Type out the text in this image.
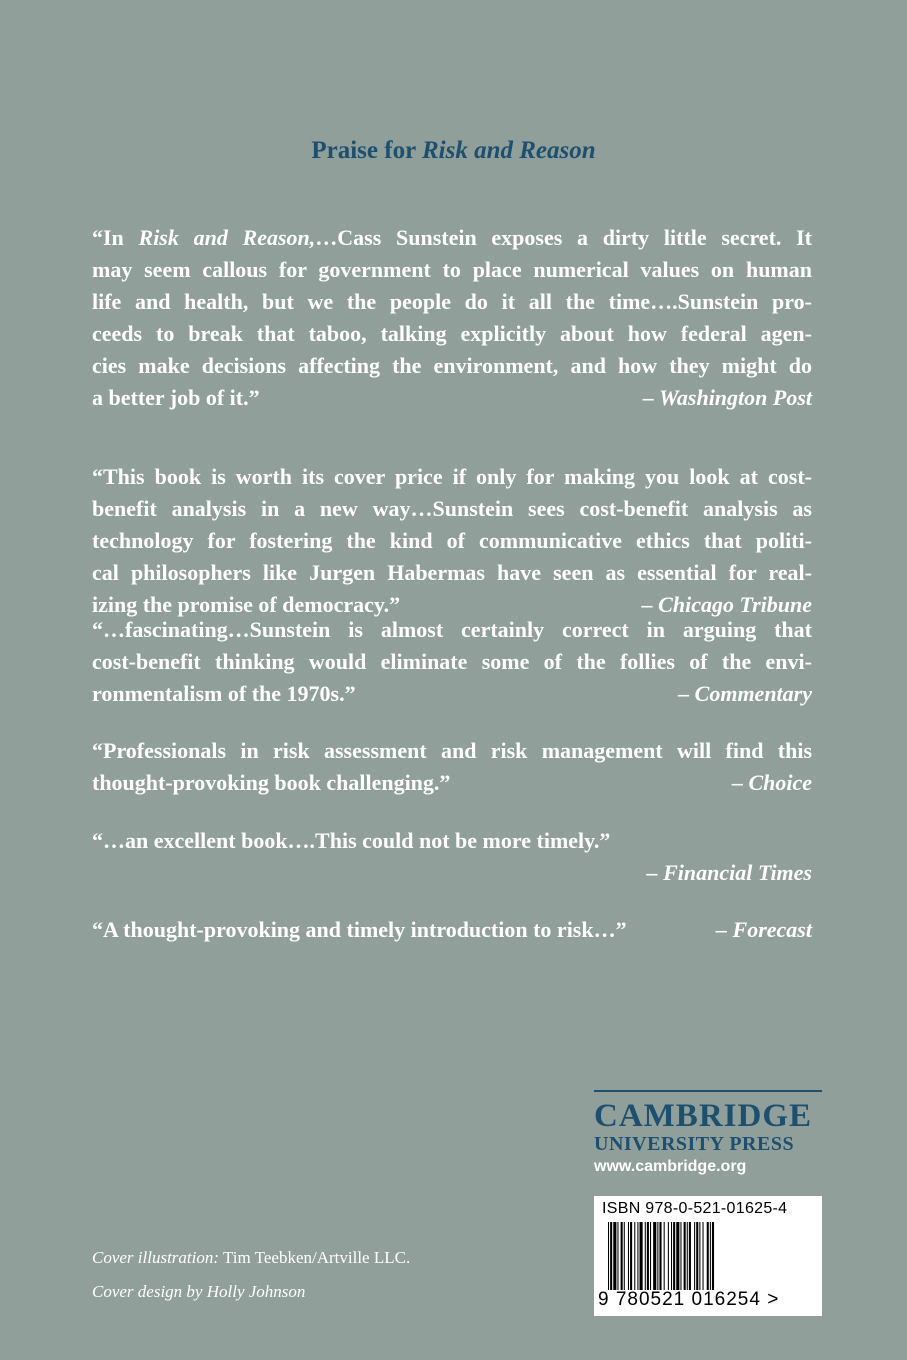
Praise for Risk and Reason
“In Risk and Reason,…Cass Sunstein exposes a dirty little secret. It
may seem callous for government to place numerical values on human
life and health, but we the people do it all the time….Sunstein pro-
ceeds to break that taboo, talking explicitly about how federal agen-
cies make decisions affecting the environment, and how they might do
a better job of it.”	– Washington Post
“This book is worth its cover price if only for making you look at cost-
benefit analysis in a new way…Sunstein sees cost-benefit analysis as
technology for fostering the kind of communicative ethics that politi-
cal philosophers like Jurgen Habermas have seen as essential for real-
izing the promise of democracy.”	– Chicago Tribune
“…fascinating…Sunstein is almost certainly correct in arguing that
cost-benefit thinking would eliminate some of the follies of the envi-
ronmentalism of the 1970s.”	– Commentary
“Professionals in risk assessment and risk management will find this
thought-provoking book challenging.”	– Choice
“…an excellent book….This could not be more timely.”
– Financial Times
“A thought-provoking and timely introduction to risk…”	– Forecast
CAMBRIDGE
UNIVERSITY PRESS
www.cambridge.org
ISBN 978-0-521-01625-4
9 780521 016254 >
Cover illustration: Tim Teebken/Artville LLC.
Cover design by Holly Johnson
